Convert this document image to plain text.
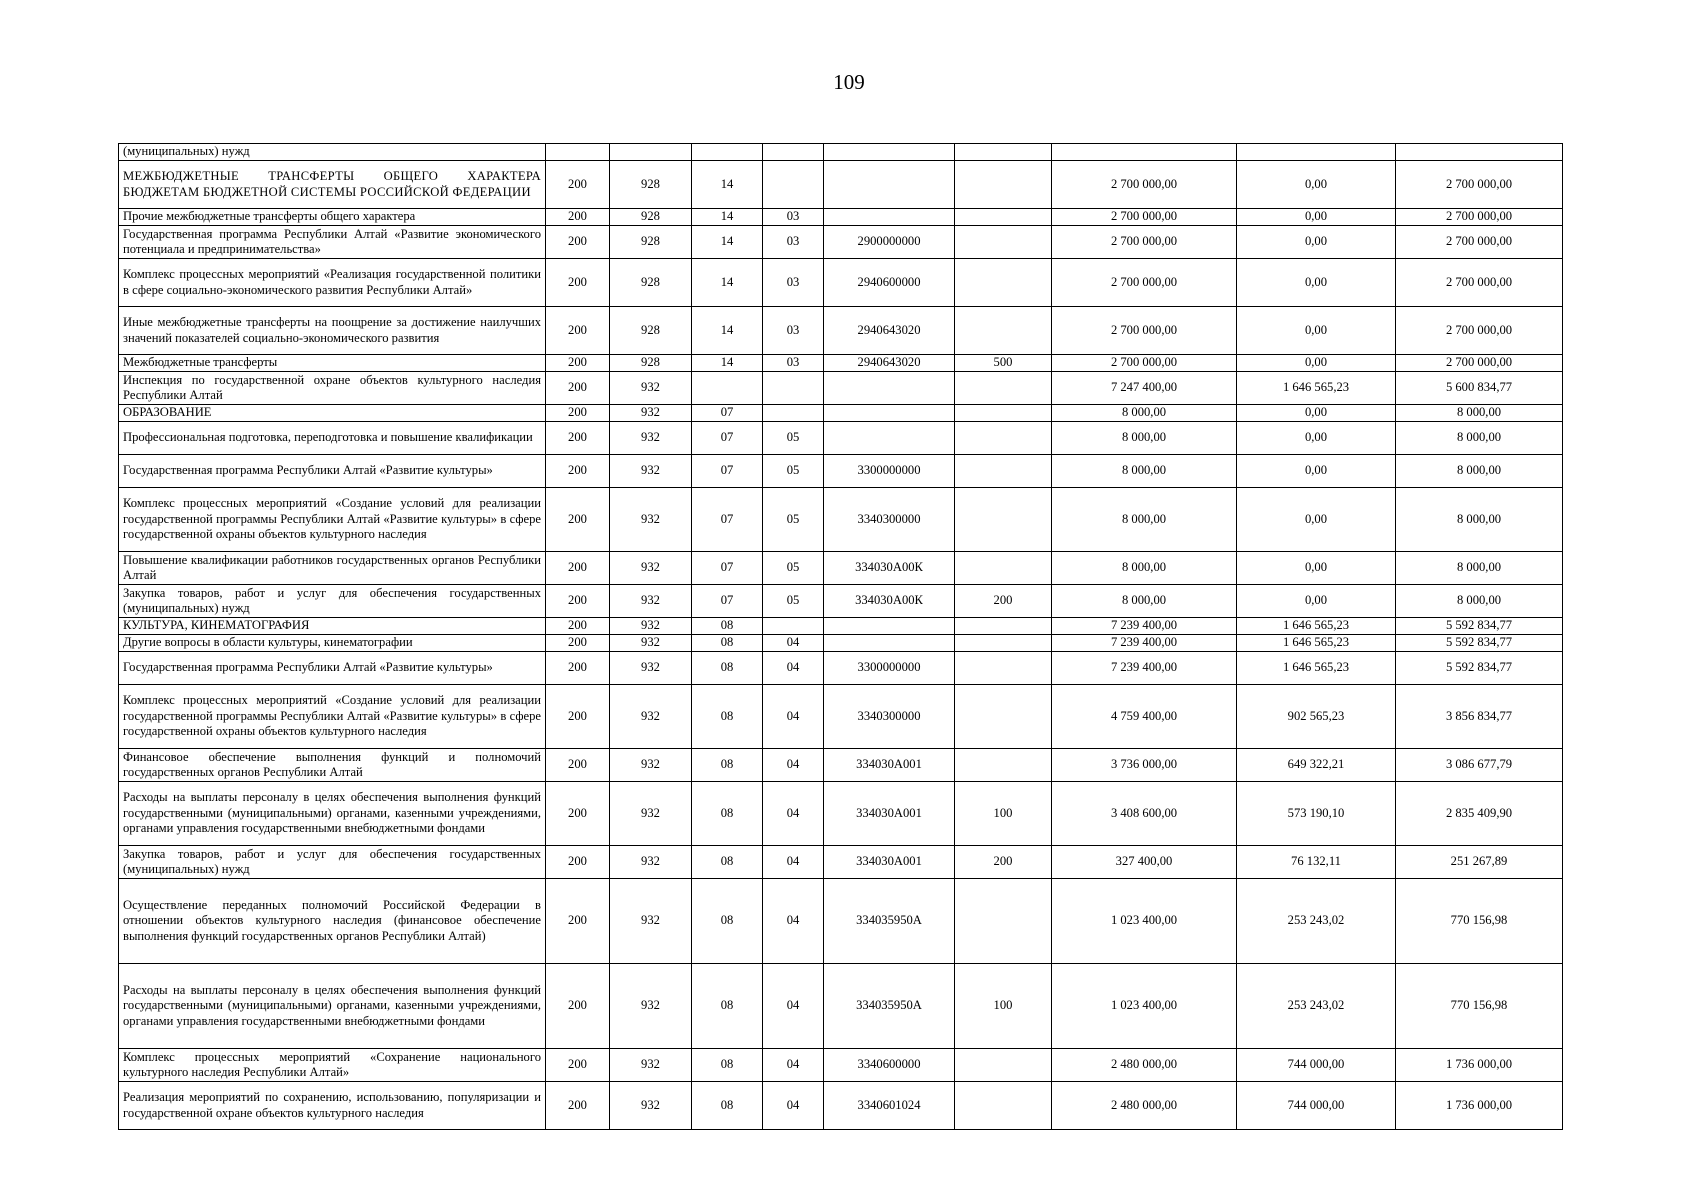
109
(муниципальных) нужд									
МЕЖБЮДЖЕТНЫЕ ТРАНСФЕРТЫ ОБЩЕГО ХАРАКТЕРА БЮДЖЕТАМ БЮДЖЕТНОЙ СИСТЕМЫ РОССИЙСКОЙ ФЕДЕРАЦИИ	200	928	14				2 700 000,00	0,00	2 700 000,00
Прочие межбюджетные трансферты общего характера	200	928	14	03			2 700 000,00	0,00	2 700 000,00
Государственная программа Республики Алтай «Развитие экономического потенциала и предпринимательства»	200	928	14	03	2900000000		2 700 000,00	0,00	2 700 000,00
Комплекс процессных мероприятий «Реализация государственной политики в сфере социально-экономического развития Республики Алтай»	200	928	14	03	2940600000		2 700 000,00	0,00	2 700 000,00
Иные межбюджетные трансферты на поощрение за достижение наилучших значений показателей социально-экономического развития	200	928	14	03	2940643020		2 700 000,00	0,00	2 700 000,00
Межбюджетные трансферты	200	928	14	03	2940643020	500	2 700 000,00	0,00	2 700 000,00
Инспекция по государственной охране объектов культурного наследия Республики Алтай	200	932					7 247 400,00	1 646 565,23	5 600 834,77
ОБРАЗОВАНИЕ	200	932	07				8 000,00	0,00	8 000,00
Профессиональная подготовка, переподготовка и повышение квалификации	200	932	07	05			8 000,00	0,00	8 000,00
Государственная программа Республики Алтай «Развитие культуры»	200	932	07	05	3300000000		8 000,00	0,00	8 000,00
Комплекс процессных мероприятий «Создание условий для реализации государственной программы Республики Алтай «Развитие культуры» в сфере государственной охраны объектов культурного наследия	200	932	07	05	3340300000		8 000,00	0,00	8 000,00
Повышение квалификации работников государственных органов Республики Алтай	200	932	07	05	334030А00К		8 000,00	0,00	8 000,00
Закупка товаров, работ и услуг для обеспечения государственных (муниципальных) нужд	200	932	07	05	334030А00К	200	8 000,00	0,00	8 000,00
КУЛЬТУРА, КИНЕМАТОГРАФИЯ	200	932	08				7 239 400,00	1 646 565,23	5 592 834,77
Другие вопросы в области культуры, кинематографии	200	932	08	04			7 239 400,00	1 646 565,23	5 592 834,77
Государственная программа Республики Алтай «Развитие культуры»	200	932	08	04	3300000000		7 239 400,00	1 646 565,23	5 592 834,77
Комплекс процессных мероприятий «Создание условий для реализации государственной программы Республики Алтай «Развитие культуры» в сфере государственной охраны объектов культурного наследия	200	932	08	04	3340300000		4 759 400,00	902 565,23	3 856 834,77
Финансовое обеспечение выполнения функций и полномочий государственных органов Республики Алтай	200	932	08	04	334030А001		3 736 000,00	649 322,21	3 086 677,79
Расходы на выплаты персоналу в целях обеспечения выполнения функций государственными (муниципальными) органами, казенными учреждениями, органами управления государственными внебюджетными фондами	200	932	08	04	334030А001	100	3 408 600,00	573 190,10	2 835 409,90
Закупка товаров, работ и услуг для обеспечения государственных (муниципальных) нужд	200	932	08	04	334030А001	200	327 400,00	76 132,11	251 267,89
Осуществление переданных полномочий Российской Федерации в отношении объектов культурного наследия (финансовое обеспечение выполнения функций государственных органов Республики Алтай)	200	932	08	04	334035950А		1 023 400,00	253 243,02	770 156,98
Расходы на выплаты персоналу в целях обеспечения выполнения функций государственными (муниципальными) органами, казенными учреждениями, органами управления государственными внебюджетными фондами	200	932	08	04	334035950А	100	1 023 400,00	253 243,02	770 156,98
Комплекс процессных мероприятий «Сохранение национального культурного наследия Республики Алтай»	200	932	08	04	3340600000		2 480 000,00	744 000,00	1 736 000,00
Реализация мероприятий по сохранению, использованию, популяризации и государственной охране объектов культурного наследия	200	932	08	04	3340601024		2 480 000,00	744 000,00	1 736 000,00
